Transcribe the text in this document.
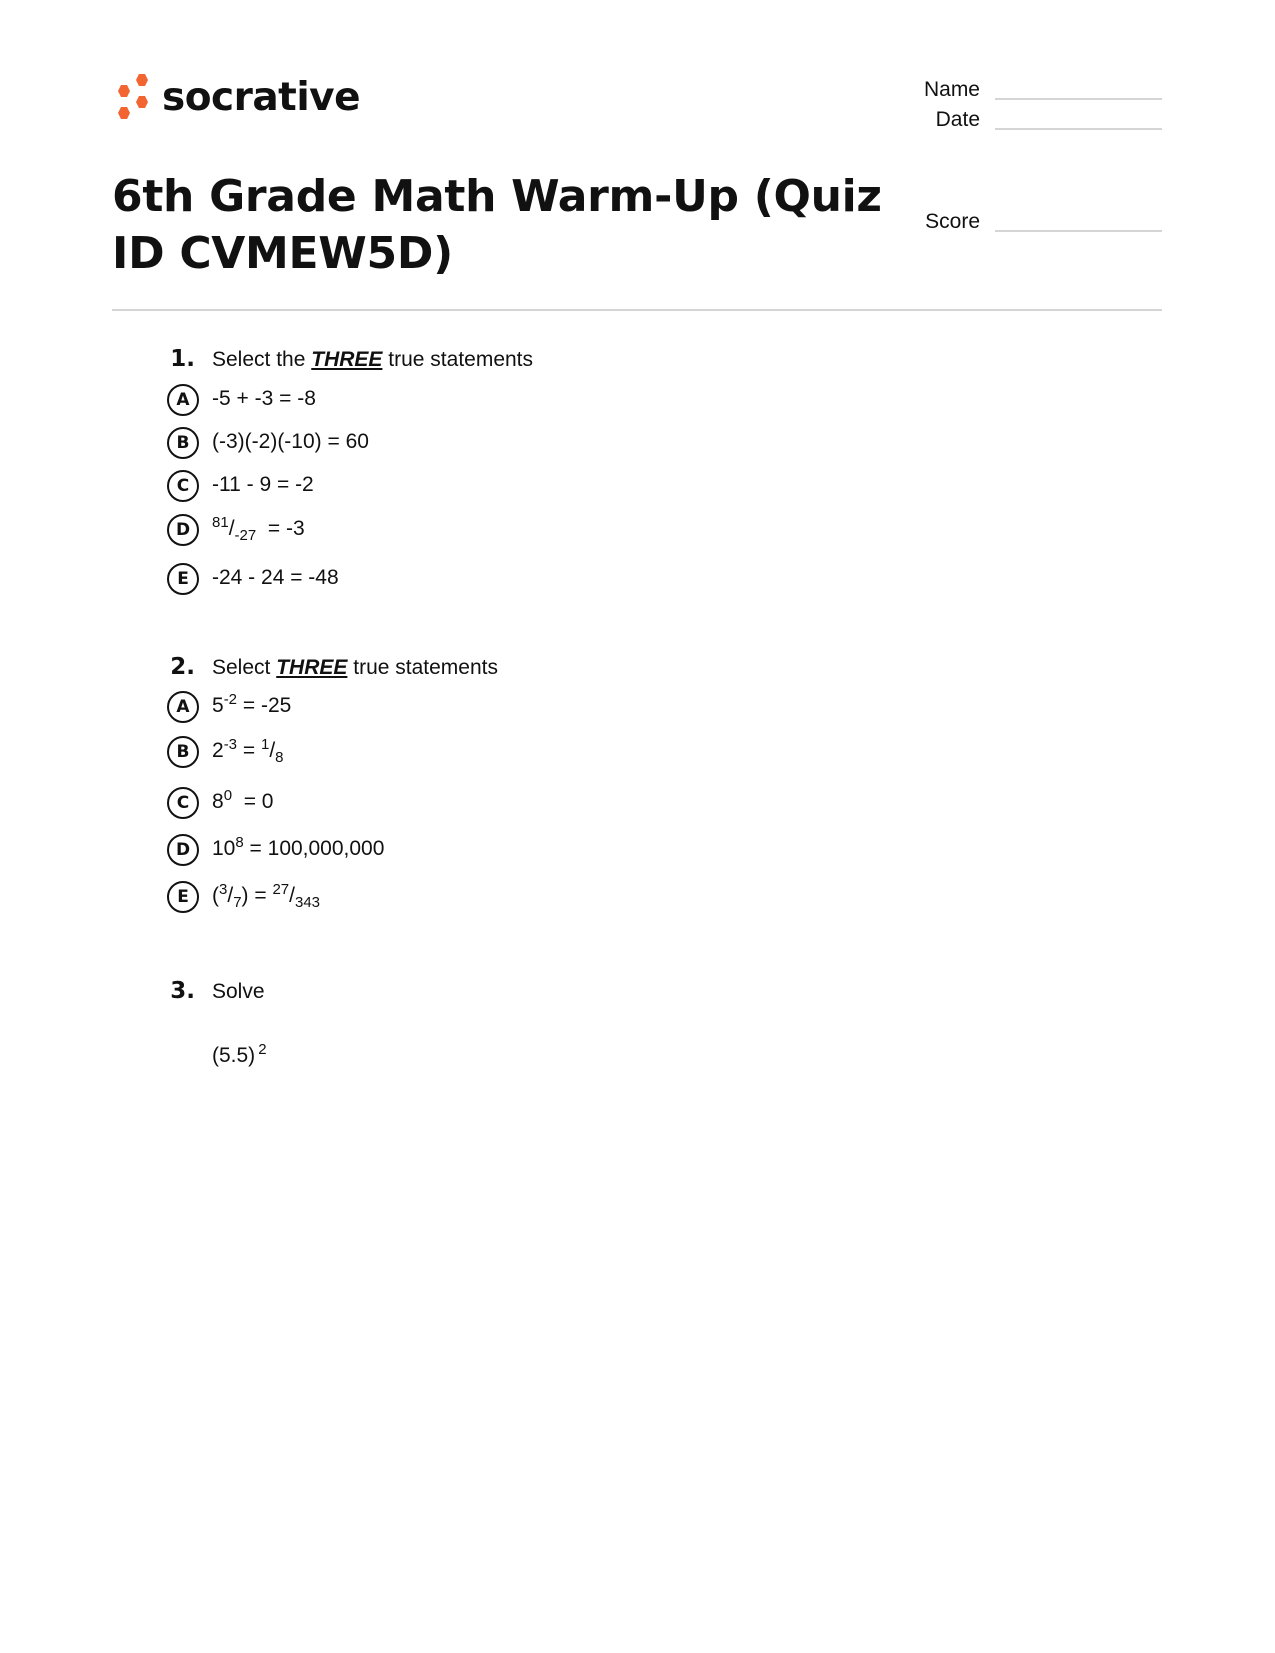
socrative	Name
Date
Score
6th Grade Math Warm-Up (Quiz ID CVMEW5D)
1. Select the THREE true statements
A	-5 + -3 = -8
B	(-3)(-2)(-10) = 60
C	-11 - 9 = -2
D	$^{81}/_{-27} = -3$
E	-24 - 24 = -48
2. Select THREE true statements
A	$5^{-2} = -25$
B	$2^{-3} = ^1/_8$
C	$8^0 = 0$
D	$10^8 = 100,000,000$
E	$(^3/_7) = ^{27}/_{343}$
3. Solve
(5.5) $^2$
